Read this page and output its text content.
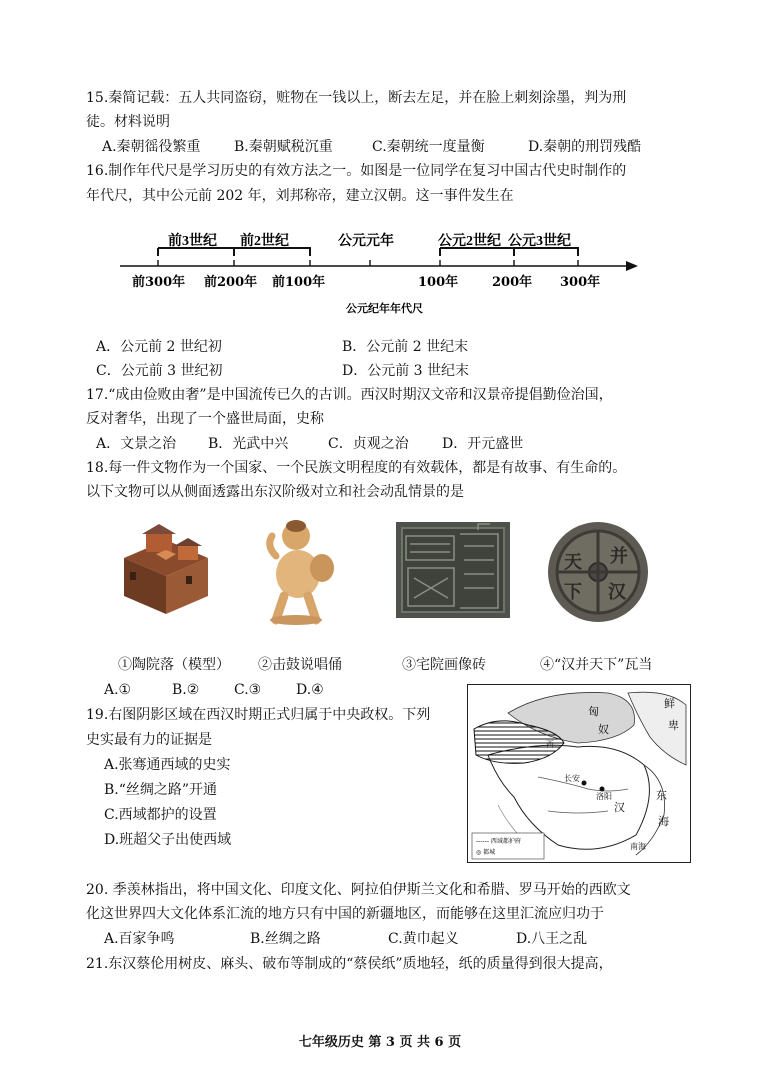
15.秦简记载：五人共同盗窃，赃物在一钱以上，断去左足，并在脸上刺刻涂墨，判为刑
徒。材料说明
A.秦朝徭役繁重 B.秦朝赋税沉重	C.秦朝统一度量衡	D.秦朝的刑罚残酷
16.制作年代尺是学习历史的有效方法之一。如图是一位同学在复习中国古代史时制作的
年代尺，其中公元前 202 年，刘邦称帝，建立汉朝。这一事件发生在
前3世纪 前2世纪	公元元年	公元2世纪 公元3世纪
前300年 前200年 前100年	100年	200年 300年
公元纪年年代尺
A．公元前 2 世纪初	B．公元前 2 世纪末
C．公元前 3 世纪初	D．公元前 3 世纪末
17.“成由俭败由奢”是中国流传已久的古训。西汉时期汉文帝和汉景帝提倡勤俭治国，
反对奢华，出现了一个盛世局面，史称
A．文景之治 B．光武中兴	C．贞观之治 D．开元盛世
18.每一件文物作为一个国家、一个民族文明程度的有效载体，都是有故事、有生命的。
以下文物可以从侧面透露出东汉阶级对立和社会动乱情景的是
天
下
并
汉
①陶院落（模型） ②击鼓说唱俑	③宅院画像砖	④“汉并天下”瓦当
A.①	B.② C.③ D.④
19.右图阴影区域在西汉时期正式归属于中央政权。下列
史实最有力的证据是
A.张骞通西域的史实
B.“丝绸之路”开通
C.西域都护的设置
D.班超父子出使西域
匈
奴
鲜
卑
西
长安
洛阳
汉
东
海
南海
------ 西域都护府
◎ 都城
20. 季羡林指出，将中国文化、印度文化、阿拉伯伊斯兰文化和希腊、罗马开始的西欧文
化这世界四大文化体系汇流的地方只有中国的新疆地区，而能够在这里汇流应归功于
A.百家争鸣	B.丝绸之路	C.黄巾起义	D.八王之乱
21.东汉蔡伦用树皮、麻头、破布等制成的“蔡侯纸”质地轻，纸的质量得到很大提高，
七年级历史 第 3 页 共 6 页
